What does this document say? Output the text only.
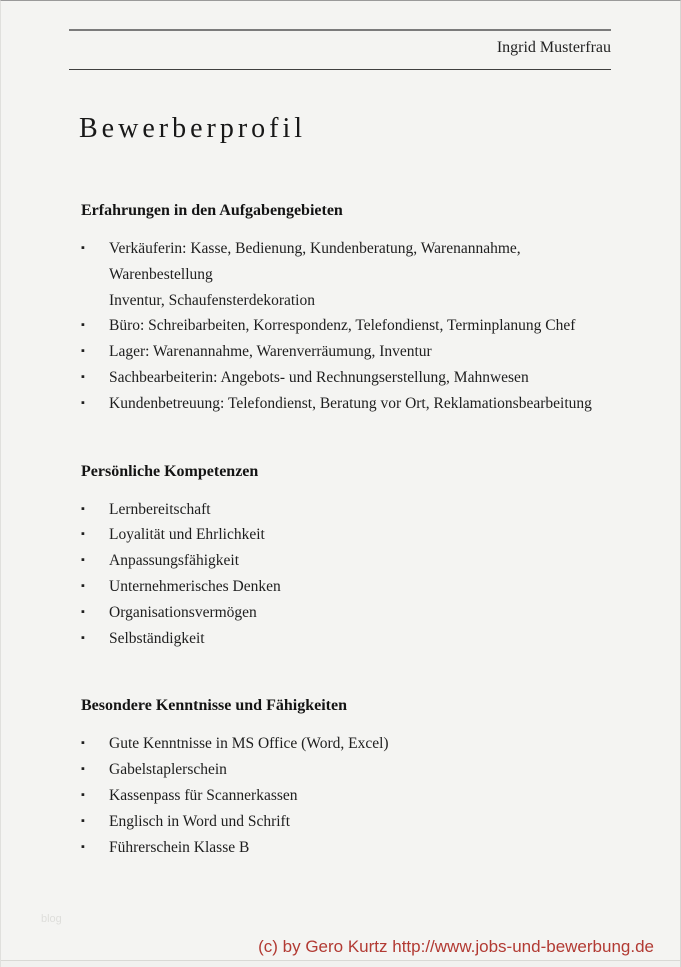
Ingrid Musterfrau
Bewerberprofil
Erfahrungen in den Aufgabengebieten
▪	Verkäuferin: Kasse, Bedienung, Kundenberatung, Warenannahme,
Warenbestellung
Inventur, Schaufensterdekoration
▪	Büro: Schreibarbeiten, Korrespondenz, Telefondienst, Terminplanung Chef
▪	Lager: Warenannahme, Warenverräumung, Inventur
▪	Sachbearbeiterin: Angebots- und Rechnungserstellung, Mahnwesen
▪	Kundenbetreuung: Telefondienst, Beratung vor Ort, Reklamationsbearbeitung
Persönliche Kompetenzen
▪	Lernbereitschaft
▪	Loyalität und Ehrlichkeit
▪	Anpassungsfähigkeit
▪	Unternehmerisches Denken
▪	Organisationsvermögen
▪	Selbständigkeit
Besondere Kenntnisse und Fähigkeiten
▪	Gute Kenntnisse in MS Office (Word, Excel)
▪	Gabelstaplerschein
▪	Kassenpass für Scannerkassen
▪	Englisch in Word und Schrift
▪	Führerschein Klasse B
blog
(c) by Gero Kurtz http://www.jobs-und-bewerbung.de
